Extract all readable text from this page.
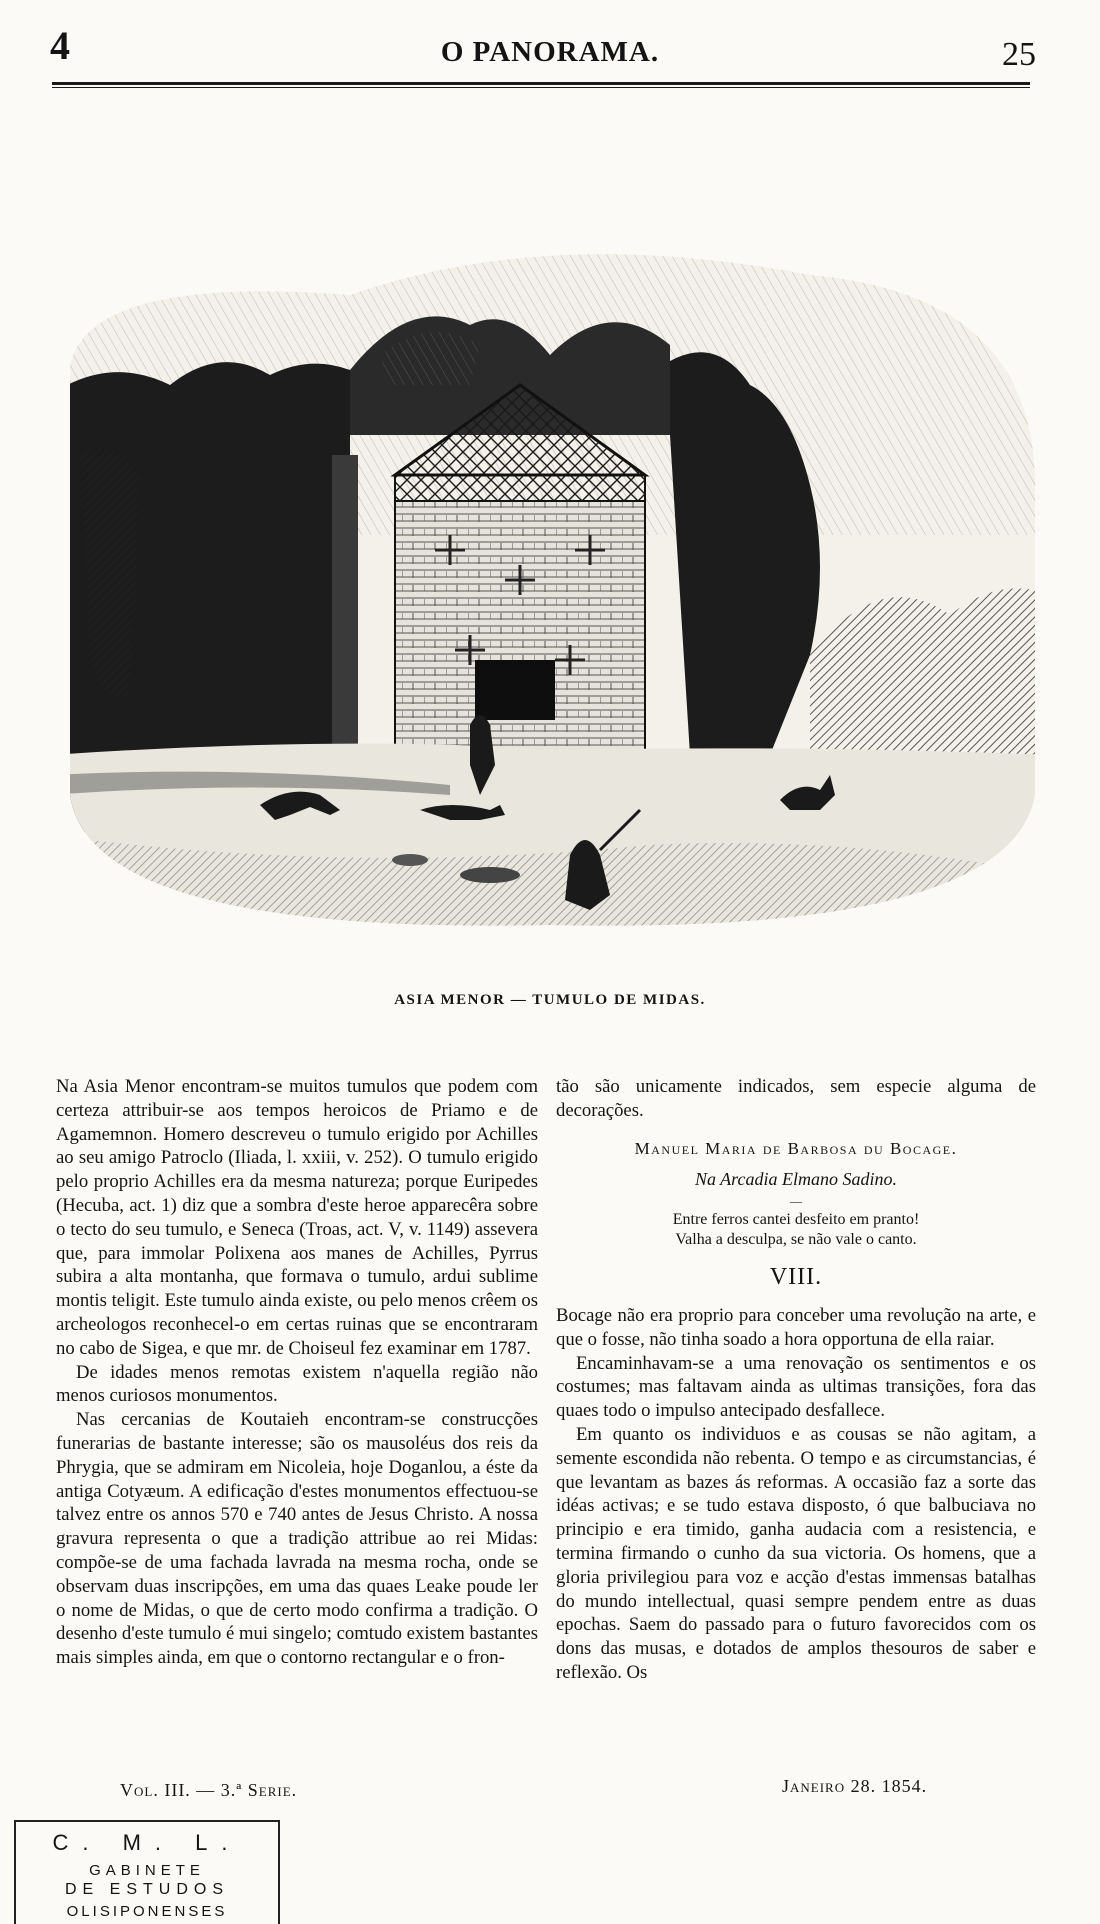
4	O PANORAMA.	25
ASIA MENOR — TUMULO DE MIDAS.

Na Asia Menor encontram-se muitos tumulos que podem com certeza attribuir-se aos tempos heroicos de Priamo e de Agamemnon. Homero descreveu o tumulo erigido por Achilles ao seu amigo Patroclo (Iliada, l. xxiii, v. 252). O tumulo erigido pelo proprio Achilles era da mesma natureza; porque Euripedes (Hecuba, act. 1) diz que a sombra d'este heroe apparecêra sobre o tecto do seu tumulo, e Seneca (Troas, act. V, v. 1149) assevera que, para immolar Polixena aos manes de Achilles, Pyrrus subira a alta montanha, que formava o tumulo, ardui sublime montis teligit. Este tumulo ainda existe, ou pelo menos crêem os archeologos reconhecel-o em certas ruinas que se encontraram no cabo de Sigea, e que mr. de Choiseul fez examinar em 1787.

De idades menos remotas existem n'aquella região não menos curiosos monumentos.

Nas cercanias de Koutaieh encontram-se construcções funerarias de bastante interesse; são os mausoléus dos reis da Phrygia, que se admiram em Nicoleia, hoje Doganlou, a éste da antiga Cotyæum. A edificação d'estes monumentos effectuou-se talvez entre os annos 570 e 740 antes de Jesus Christo. A nossa gravura representa o que a tradição attribue ao rei Midas: compõe-se de uma fachada lavrada na mesma rocha, onde se observam duas inscripções, em uma das quaes Leake poude ler o nome de Midas, o que de certo modo confirma a tradição. O desenho d'este tumulo é mui singelo; comtudo existem bastantes mais simples ainda, em que o contorno rectangular e o fron-

tão são unicamente indicados, sem especie alguma de decorações.

Manuel Maria de Barbosa du Bocage.
Na Arcadia Elmano Sadino.
—
Entre ferros cantei desfeito em pranto!
Valha a desculpa, se não vale o canto.
VIII.

Bocage não era proprio para conceber uma revolução na arte, e que o fosse, não tinha soado a hora opportuna de ella raiar.

Encaminhavam-se a uma renovação os sentimentos e os costumes; mas faltavam ainda as ultimas transições, fora das quaes todo o impulso antecipado desfallece.

Em quanto os individuos e as cousas se não agitam, a semente escondida não rebenta. O tempo e as circumstancias, é que levantam as bazes ás reformas. A occasião faz a sorte das idéas activas; e se tudo estava disposto, ó que balbuciava no principio e era timido, ganha audacia com a resistencia, e termina firmando o cunho da sua victoria. Os homens, que a gloria privilegiou para voz e acção d'estas immensas batalhas do mundo intellectual, quasi sempre pendem entre as duas epochas. Saem do passado para o futuro favorecidos com os dons das musas, e dotados de amplos thesouros de saber e reflexão. Os

Vol. III. — 3.ª Serie.	Janeiro 28. 1854.
C. M. L.
GABINETE
DE ESTUDOS
OLISIPONENSES
